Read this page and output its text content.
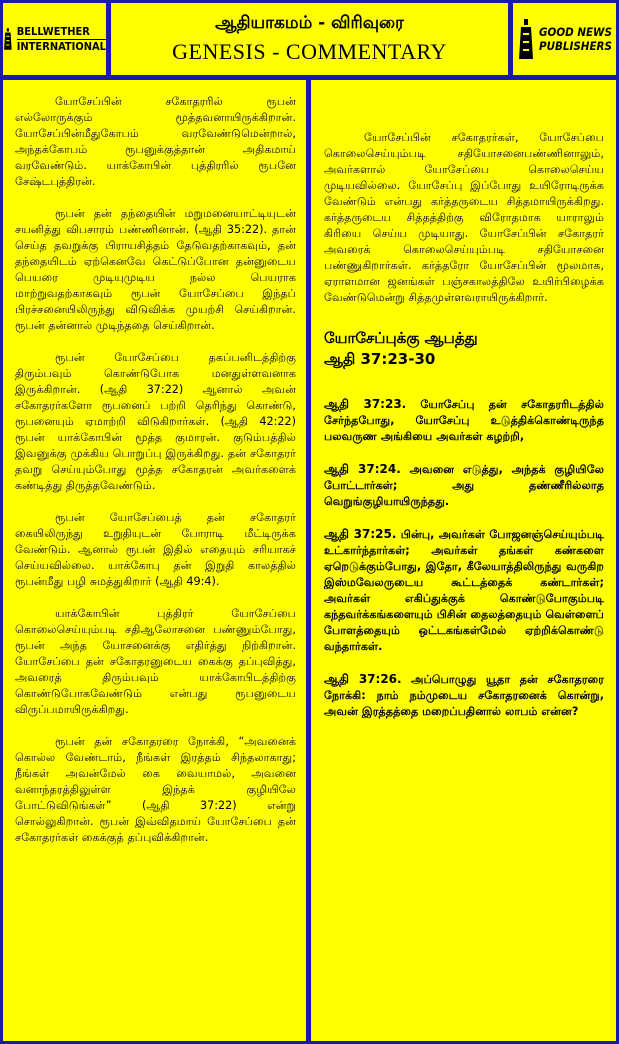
BELLWETHER
INTERNATIONAL
ஆதியாகமம் - விரிவுரை
GENESIS - COMMENTARY
GOOD NEWS
PUBLISHERS

யோசேப்பின் சகோதரரில் ரூபன் எல்லோருக்கும் மூத்தவனாயிருக்கிறான். யோசேப்பின்மீதுகோபம் வரவேண்டுமென்றால், அந்தக்கோபம் ரூபனுக்குத்தான் அதிகமாய் வரவேண்டும். யாக்கோபின் புத்திரரில் ரூபனே சேஷ்டபுத்திரன்.

ரூபன் தன் தந்தையின் மறுமனையாட்டியுடன் சயனித்து விபசாரம் பண்ணினான். (ஆதி 35:22). தான் செய்த தவறுக்கு பிராயசித்தம் தேடுவதற்காகவும், தன் தந்தையிடம் ஏற்கெனவே கெட்டுப்போன தன்னுடைய பெயரை முடியுமுடிய நல்ல பெயராக மாற்றுவதற்காகவும் ரூபன் யோசேப்பை இந்தப் பிரச்சனையிலிருந்து விடுவிக்க முயற்சி செய்கிறான். ரூபன் தன்னால் முடிந்ததை செய்கிறான்.

ரூபன் யோசேப்பை தகப்பனிடத்திற்கு திரும்பவும் கொண்டுபோக மனதுள்ளவனாக இருக்கிறான். (ஆதி 37:22) ஆனால் அவன் சகோதரர்களோ ரூபனைப் பற்றி தெரிந்து கொண்டு, ரூபனையும் ஏமாற்றி விடுகிறார்கள். (ஆதி 42:22) ரூபன் யாக்கோபின் மூத்த குமாரன். குடும்பத்தில் இவனுக்கு முக்கிய பொறுப்பு இருக்கிறது. தன் சகோதரர் தவறு செய்யும்போது மூத்த சகோதரன் அவர்களைக் கண்டித்து திருத்தவேண்டும்.

ரூபன் யோசேப்பைத் தன் சகோதரர் கையிலிருந்து உறுதியுடன் போராடி மீட்டிருக்க வேண்டும். ஆனால் ரூபன் இதில் எதையும் சரியாகச் செய்யவில்லை. யாக்கோபு தன் இறுதி காலத்தில் ரூபன்மீது பழி சுமத்துகிறார் (ஆதி 49:4).

யாக்கோபின் புத்திரர் யோசேப்பை கொலைசெய்யும்படி சதிஆலோசனை பண்ணும்போது, ரூபன் அந்த யோசனைக்கு எதிர்த்து நிற்கிறான். யோசேப்பை தன் சகோதரனுடைய கைக்கு தப்புவித்து, அவரைத் திரும்பவும் யாக்கோபிடத்திற்கு கொண்டுபோகவேண்டும் என்பது ரூபனுடைய விருப்பமாயிருக்கிறது.

ரூபன் தன் சகோதரரை நோக்கி, “அவனைக் கொல்ல வேண்டாம், நீங்கள் இரத்தம் சிந்தலாகாது; நீங்கள் அவன்மேல் கை வையாமல், அவனை வனாந்தரத்திலுள்ள இந்தக் குழியிலே போட்டுவிடுங்கள்” (ஆதி 37:22) என்று சொல்லுகிறான். ரூபன் இவ்விதமாய் யோசேப்பை தன் சகோதரர்கள் கைக்குத் தப்புவிக்கிறான்.

யோசேப்பின் சகோதரர்கள், யோசேப்பை கொலைசெய்யும்படி சதியோசனைபண்ணினாலும், அவர்களால் யோசேப்பை கொலைசெய்ய முடியவில்லை. யோசேப்பு இப்போது உயிரோடிருக்க வேண்டும் என்பது கர்த்தருடைய சித்தமாயிருக்கிறது. கர்த்தருடைய சித்தத்திற்கு விரோதமாக யாராலும் கிரியை செய்ய முடியாது. யோசேப்பின் சகோதரர் அவரைக் கொலைசெய்யும்படி சதியோசனை பண்ணுகிறார்கள். கர்த்தரோ யோசேப்பின் மூலமாக, ஏராளமான ஜனங்கள் பஞ்சகாலத்திலே உயிர்பிழைக்க வேண்டுமென்று சித்தமுள்ளவராயிருக்கிறார்.

யோசேப்புக்கு ஆபத்து
ஆதி 37:23-30

ஆதி 37:23. யோசேப்பு தன் சகோதரரிடத்தில் சேர்ந்தபோது, யோசேப்பு உடுத்திக்கொண்டிருந்த பலவருண அங்கியை அவர்கள் கழற்றி,

ஆதி 37:24. அவனை எடுத்து, அந்தக் குழியிலே போட்டார்கள்; அது தண்ணீரில்லாத வெறுங்குழியாயிருந்தது.

ஆதி 37:25. பின்பு, அவர்கள் போஜனஞ்செய்யும்படி உட்கார்ந்தார்கள்; அவர்கள் தங்கள் கண்களை ஏறெடுக்கும்போது, இதோ, கீலேயாத்திலிருந்து வருகிற இஸ்மவேலருடைய கூட்டத்தைக் கண்டார்கள்; அவர்கள் எகிப்துக்குக் கொண்டுபோகும்படி கந்தவர்க்கங்களையும் பிசின் தைலத்தையும் வெள்ளைப் போளத்தையும் ஒட்டகங்கள்மேல் ஏற்றிக்கொண்டு வந்தார்கள்.

ஆதி 37:26. அப்பொழுது யூதா தன் சகோதரரை நோக்கி: நாம் நம்முடைய சகோதரனைக் கொன்று, அவன் இரத்தத்தை மறைப்பதினால் லாபம் என்ன?
